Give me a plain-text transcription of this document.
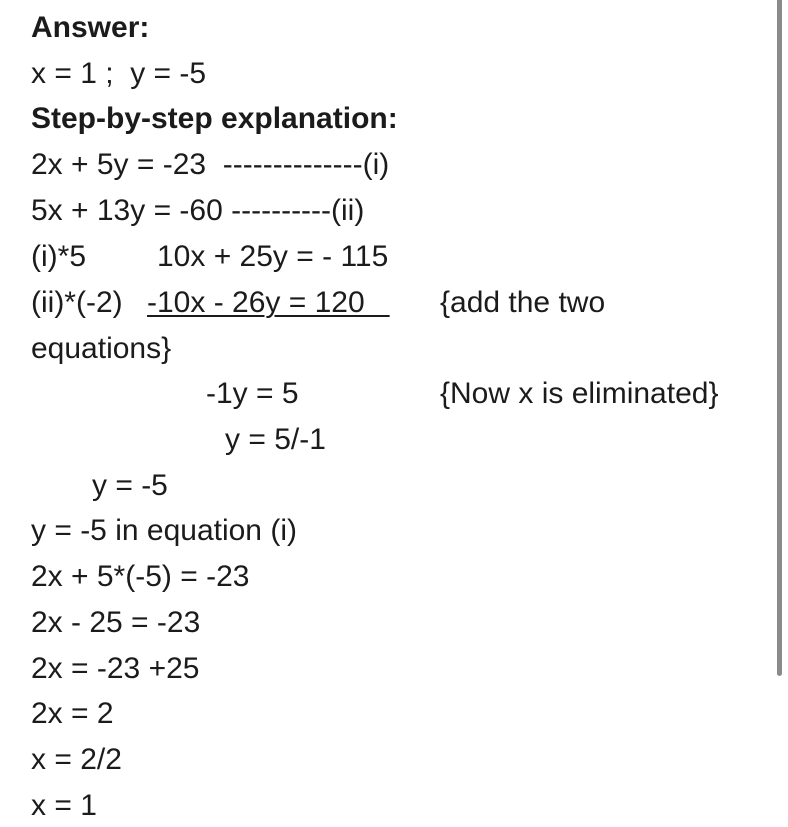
Answer:
x = 1 ;  y = -5
Step-by-step explanation:
2x + 5y = -23  --------------(i)
5x + 13y = -60 ----------(ii)
(i)*5 10x + 25y = - 115
(ii)*(-2) -10x - 26y = 120 {add the two
equations}
-1y = 5	{Now x is eliminated}
y = 5/-1
y = -5
y = -5 in equation (i)
2x + 5*(-5) = -23
2x - 25 = -23
2x = -23 +25
2x = 2
x = 2/2
x = 1
